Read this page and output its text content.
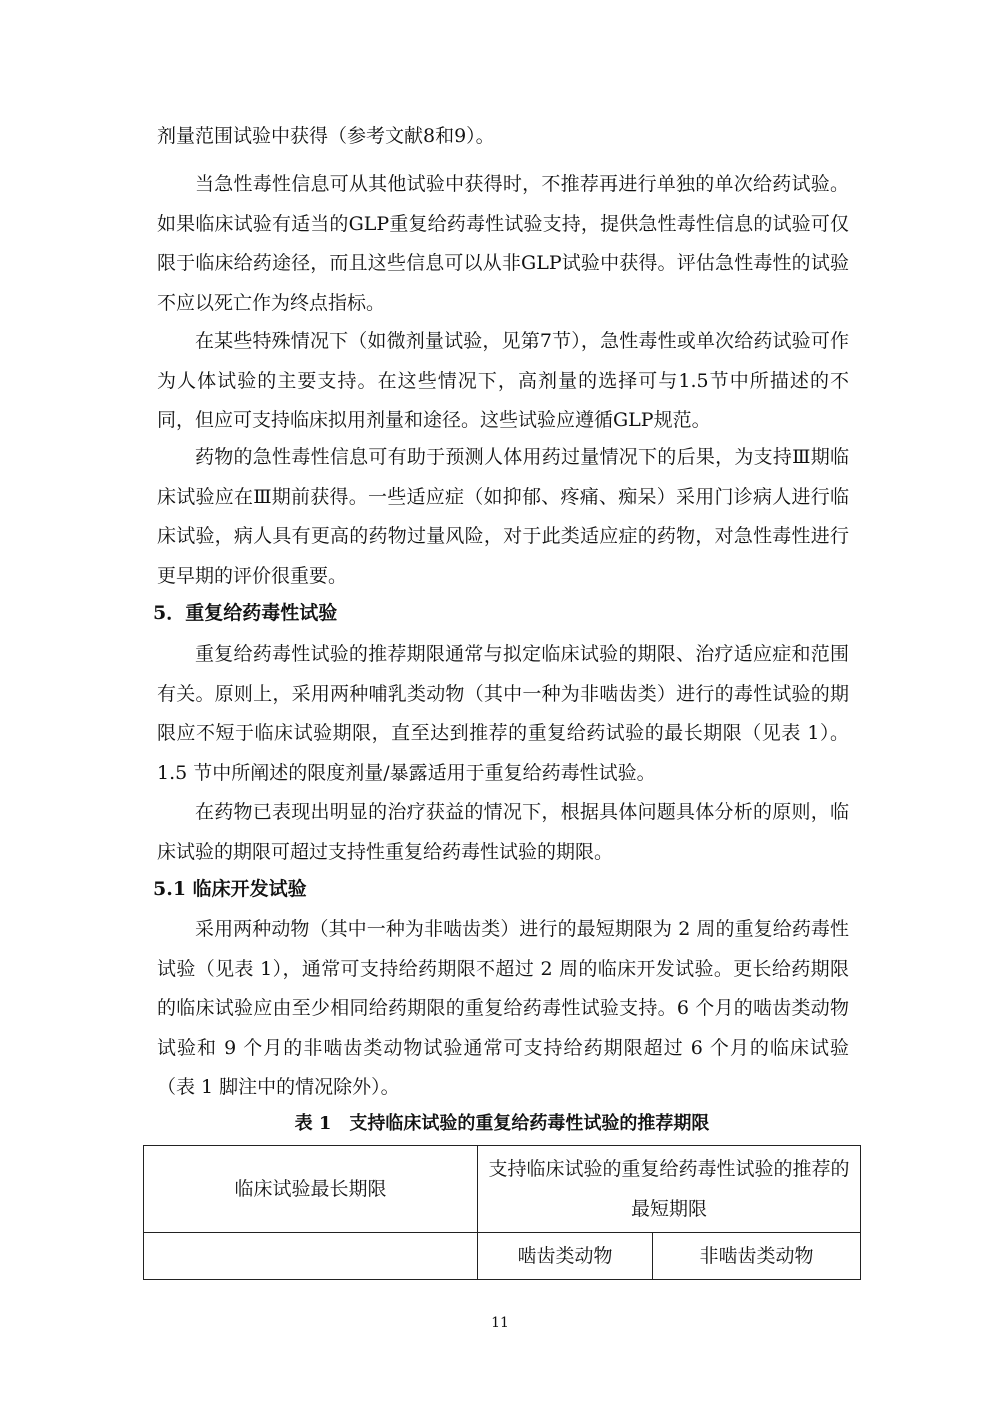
剂量范围试验中获得（参考文献8和9）。

当急性毒性信息可从其他试验中获得时，不推荐再进行单独的单次给药试验。如果临床试验有适当的GLP重复给药毒性试验支持，提供急性毒性信息的试验可仅限于临床给药途径，而且这些信息可以从非GLP试验中获得。评估急性毒性的试验不应以死亡作为终点指标。

在某些特殊情况下（如微剂量试验，见第7节），急性毒性或单次给药试验可作为人体试验的主要支持。在这些情况下，高剂量的选择可与1.5节中所描述的不同，但应可支持临床拟用剂量和途径。这些试验应遵循GLP规范。

药物的急性毒性信息可有助于预测人体用药过量情况下的后果，为支持Ⅲ期临床试验应在Ⅲ期前获得。一些适应症（如抑郁、疼痛、痴呆）采用门诊病人进行临床试验，病人具有更高的药物过量风险，对于此类适应症的药物，对急性毒性进行更早期的评价很重要。

5．重复给药毒性试验

重复给药毒性试验的推荐期限通常与拟定临床试验的期限、治疗适应症和范围有关。原则上，采用两种哺乳类动物（其中一种为非啮齿类）进行的毒性试验的期限应不短于临床试验期限，直至达到推荐的重复给药试验的最长期限（见表 1）。1.5 节中所阐述的限度剂量/暴露适用于重复给药毒性试验。

在药物已表现出明显的治疗获益的情况下，根据具体问题具体分析的原则，临床试验的期限可超过支持性重复给药毒性试验的期限。

5.1 临床开发试验

采用两种动物（其中一种为非啮齿类）进行的最短期限为 2 周的重复给药毒性试验（见表 1），通常可支持给药期限不超过 2 周的临床开发试验。更长给药期限的临床试验应由至少相同给药期限的重复给药毒性试验支持。6 个月的啮齿类动物试验和 9 个月的非啮齿类动物试验通常可支持给药期限超过 6 个月的临床试验（表 1 脚注中的情况除外）。

表 1　支持临床试验的重复给药毒性试验的推荐期限

临床试验最长期限	支持临床试验的重复给药毒性试验的推荐的最短期限	
	啮齿类动物	非啮齿类动物

11
